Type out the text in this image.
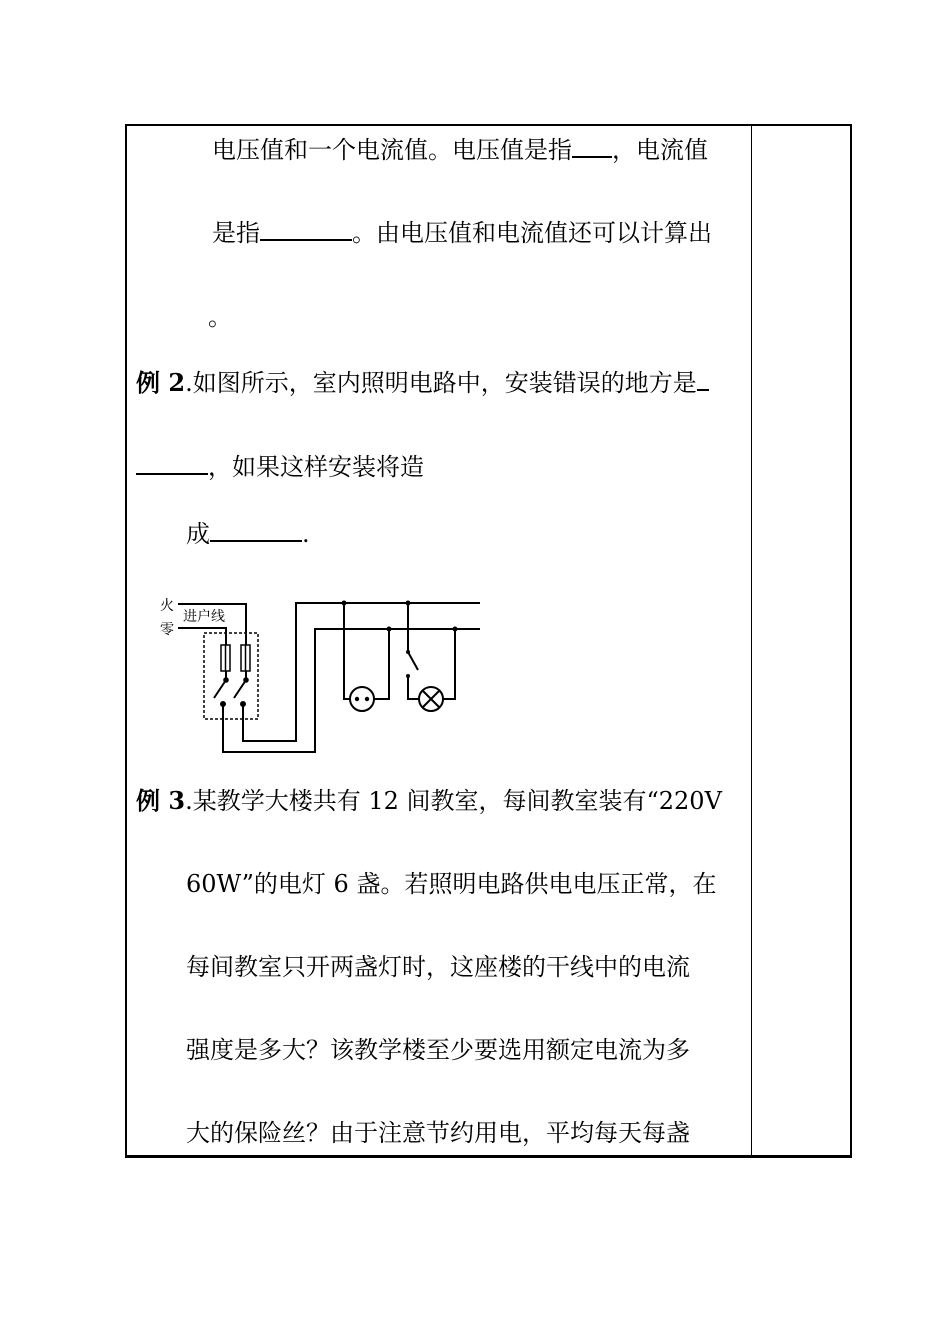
电压值和一个电流值。电压值是指 ，电流值
是指	。由电压值和电流值还可以计算出
。
例 2.如图所示，室内照明电路中，安装错误的地方是
，如果这样安装将造
成	.
火
零
进户线
例 3.某教学大楼共有 12 间教室，每间教室装有“220V
60W”的电灯 6 盏。若照明电路供电电压正常，在
每间教室只开两盏灯时，这座楼的干线中的电流
强度是多大？该教学楼至少要选用额定电流为多
大的保险丝？由于注意节约用电，平均每天每盏
